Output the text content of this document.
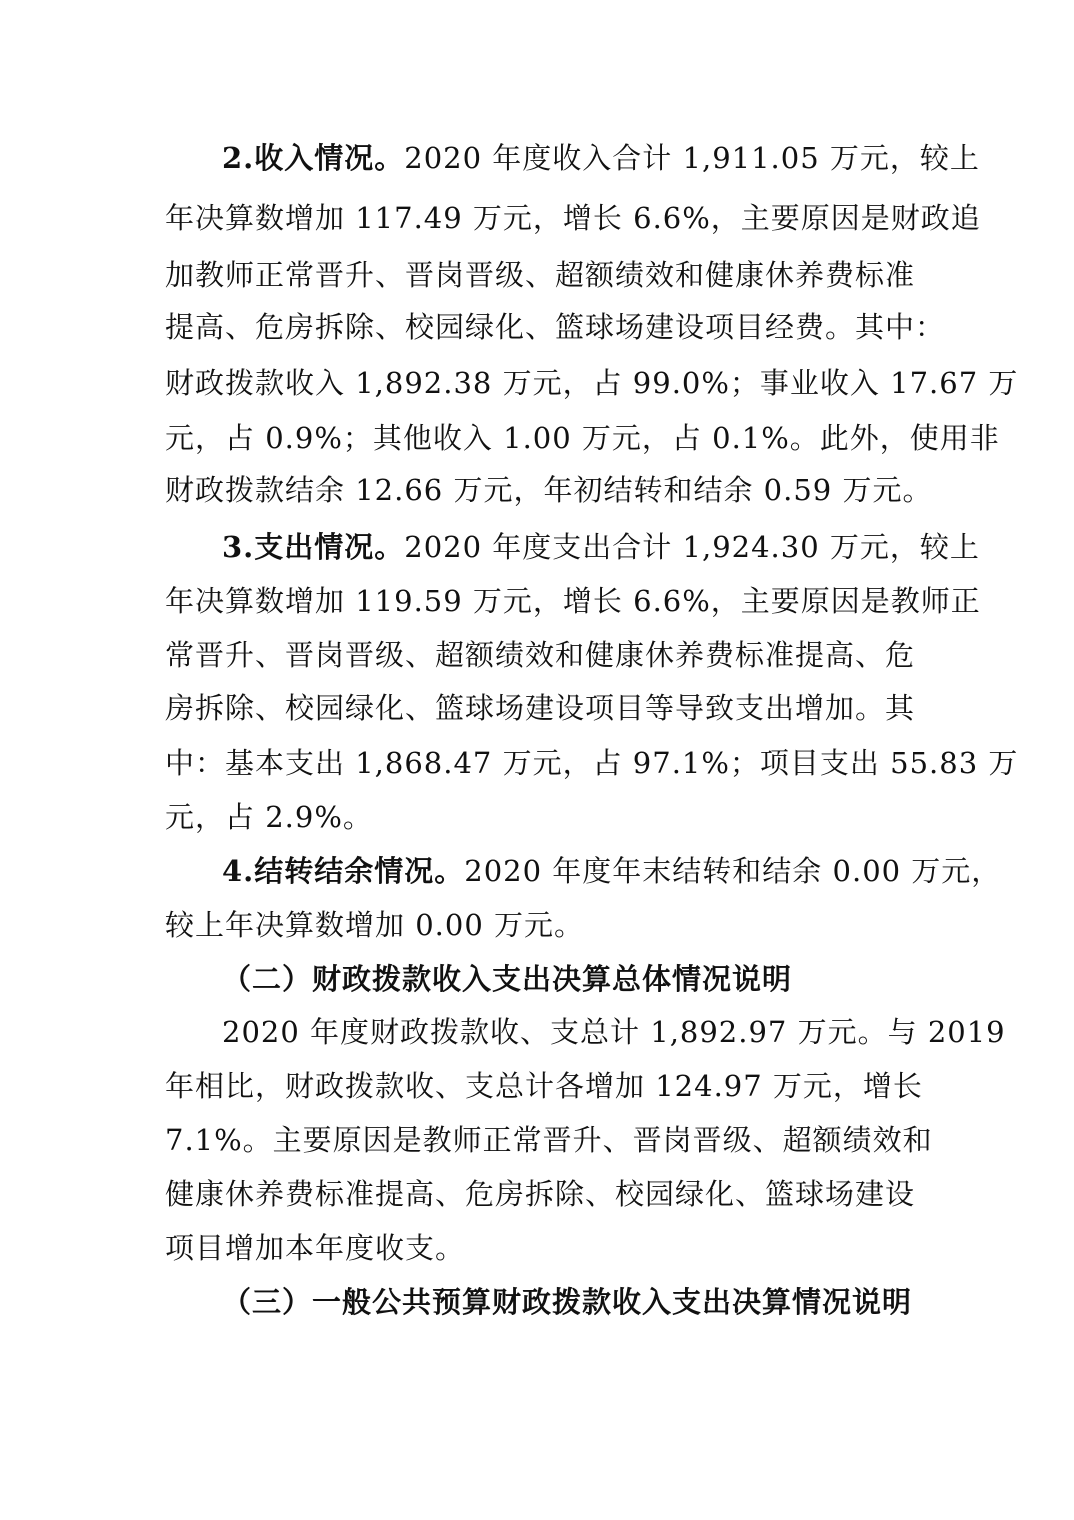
2.收入情况。2020 年度收入合计 1,911.05 万元，较上
年决算数增加 117.49 万元，增长 6.6%，主要原因是财政追
加教师正常晋升、晋岗晋级、超额绩效和健康休养费标准
提高、危房拆除、校园绿化、篮球场建设项目经费。其中：
财政拨款收入 1,892.38 万元，占 99.0%；事业收入 17.67 万
元，占 0.9%；其他收入 1.00 万元，占 0.1%。此外，使用非
财政拨款结余 12.66 万元，年初结转和结余 0.59 万元。
3.支出情况。2020 年度支出合计 1,924.30 万元，较上
年决算数增加 119.59 万元，增长 6.6%，主要原因是教师正
常晋升、晋岗晋级、超额绩效和健康休养费标准提高、危
房拆除、校园绿化、篮球场建设项目等导致支出增加。其
中：基本支出 1,868.47 万元，占 97.1%；项目支出 55.83 万
元，占 2.9%。
4.结转结余情况。2020 年度年末结转和结余 0.00 万元，
较上年决算数增加 0.00 万元。
（二）财政拨款收入支出决算总体情况说明
2020 年度财政拨款收、支总计 1,892.97 万元。与 2019
年相比，财政拨款收、支总计各增加 124.97 万元，增长
7.1%。主要原因是教师正常晋升、晋岗晋级、超额绩效和
健康休养费标准提高、危房拆除、校园绿化、篮球场建设
项目增加本年度收支。
（三）一般公共预算财政拨款收入支出决算情况说明
